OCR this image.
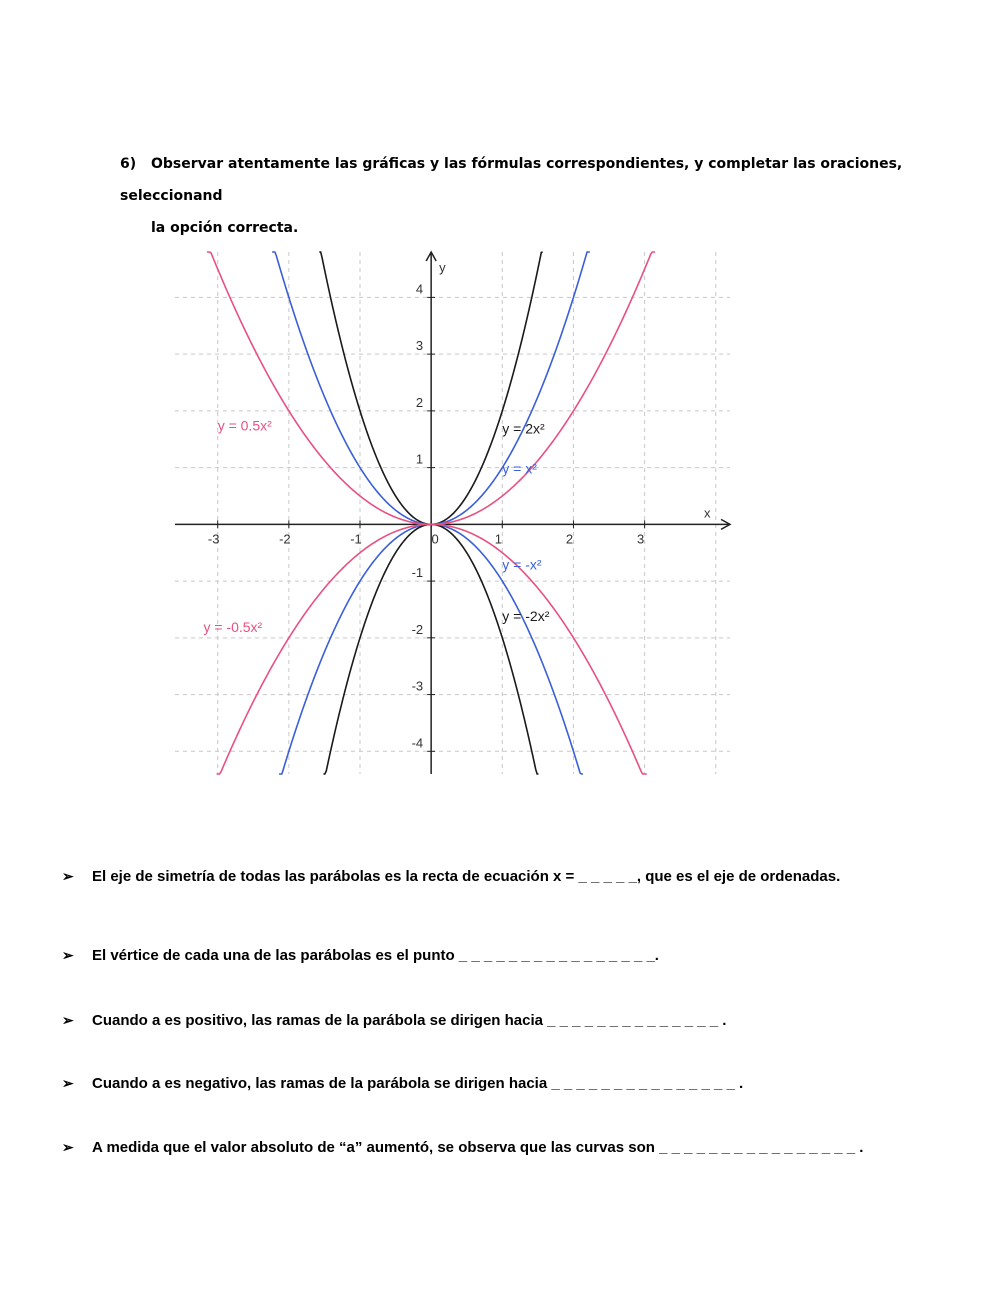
6) Observar atentamente las gráficas y las fórmulas correspondientes, y completar las oraciones, seleccionand
la opción correcta.
x
y
-3	-2	-1	0	1	2	3
-4
-3
-2
-1
1
2
3
4
y = 2x²
y = x²
y = 0.5x²
y = -x²
y = -2x²
y = -0.5x²
➢ El eje de simetría de todas las parábolas es la recta de ecuación x = _ _ _ _ _, que es el eje de ordenadas.
➢ El vértice de cada una de las parábolas es el punto _ _ _ _ _ _ _ _ _ _ _ _ _ _ _ _.
➢ Cuando a es positivo, las ramas de la parábola se dirigen hacia _ _ _ _ _ _ _ _ _ _ _ _ _ _ .
➢ Cuando a es negativo, las ramas de la parábola se dirigen hacia _ _ _ _ _ _ _ _ _ _ _ _ _ _ _ .
➢ A medida que el valor absoluto de “a” aumentó, se observa que las curvas son _ _ _ _ _ _ _ _ _ _ _ _ _ _ _ _ .
